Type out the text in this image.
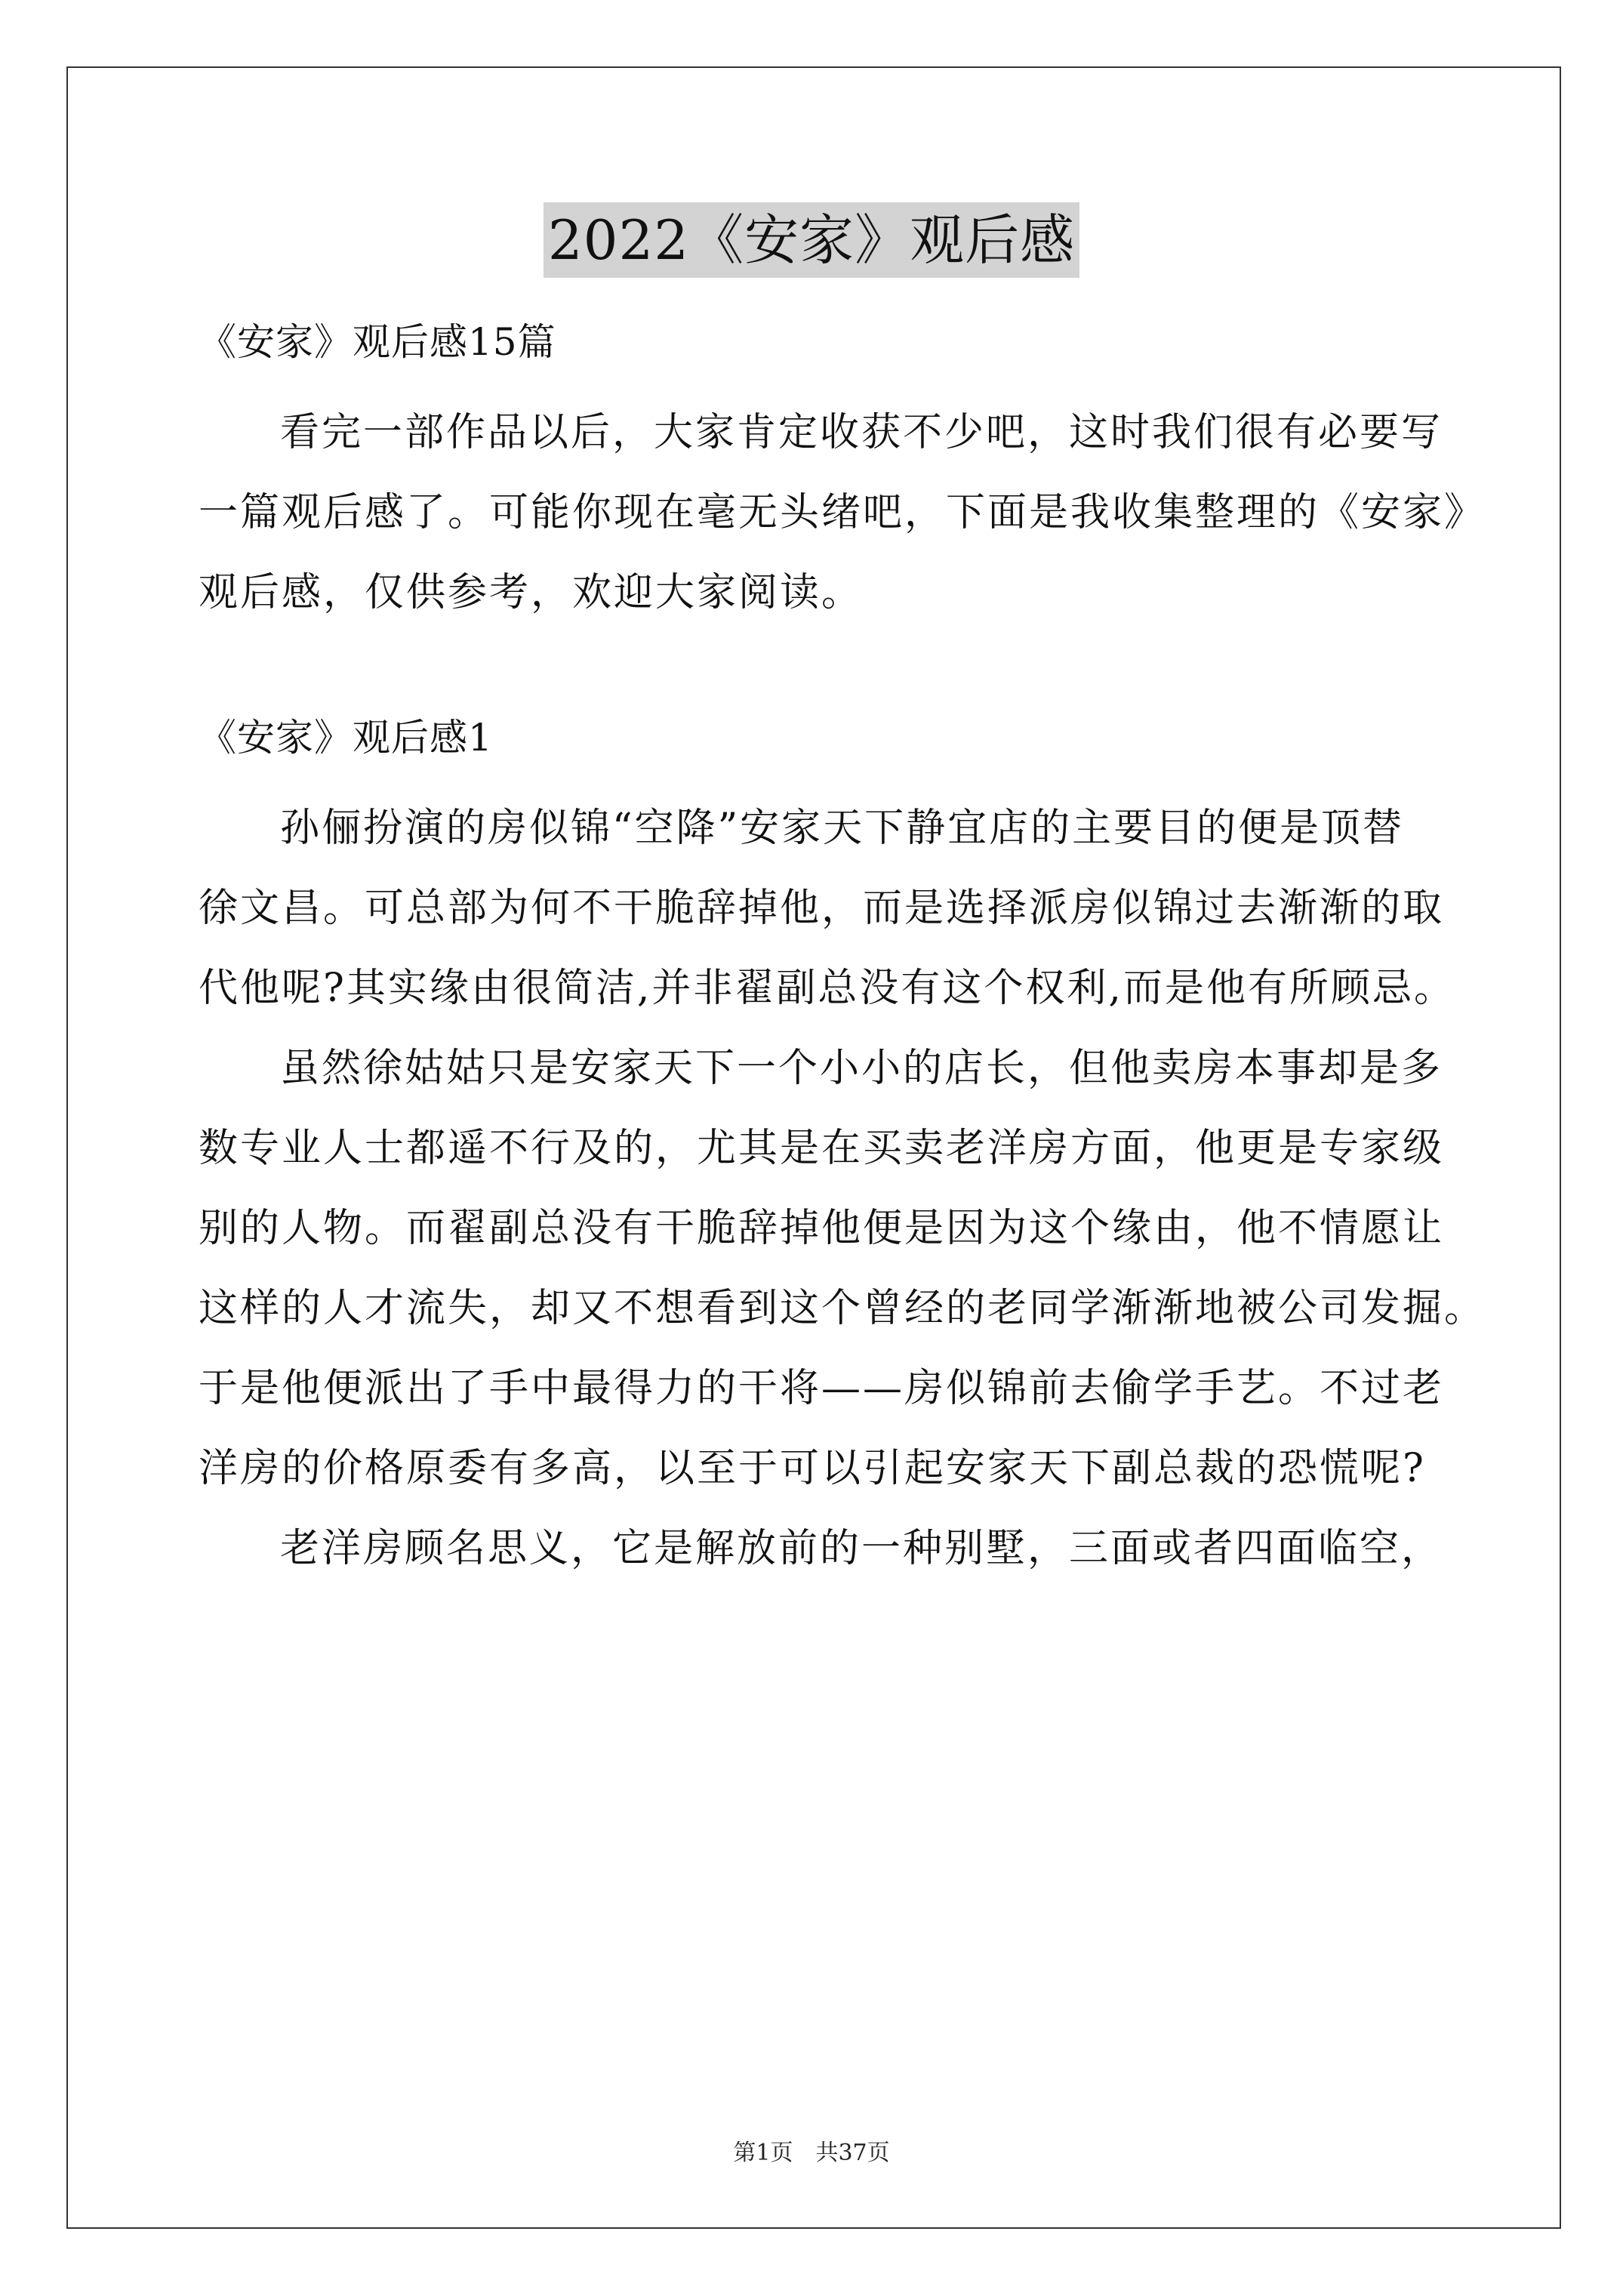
2022《安家》观后感
《安家》观后感15篇
看完一部作品以后，大家肯定收获不少吧，这时我们很有必要写
一篇观后感了。可能你现在毫无头绪吧，下面是我收集整理的《安家》
观后感，仅供参考，欢迎大家阅读。
《安家》观后感1
孙俪扮演的房似锦“空降”安家天下静宜店的主要目的便是顶替
徐文昌。可总部为何不干脆辞掉他，而是选择派房似锦过去渐渐的取
代他呢?其实缘由很简洁,并非翟副总没有这个权利,而是他有所顾忌。
虽然徐姑姑只是安家天下一个小小的店长，但他卖房本事却是多
数专业人士都遥不行及的，尤其是在买卖老洋房方面，他更是专家级
别的人物。而翟副总没有干脆辞掉他便是因为这个缘由，他不情愿让
这样的人才流失，却又不想看到这个曾经的老同学渐渐地被公司发掘。
于是他便派出了手中最得力的干将——房似锦前去偷学手艺。不过老
洋房的价格原委有多高，以至于可以引起安家天下副总裁的恐慌呢?
老洋房顾名思义，它是解放前的一种别墅，三面或者四面临空，
第1页　共37页
